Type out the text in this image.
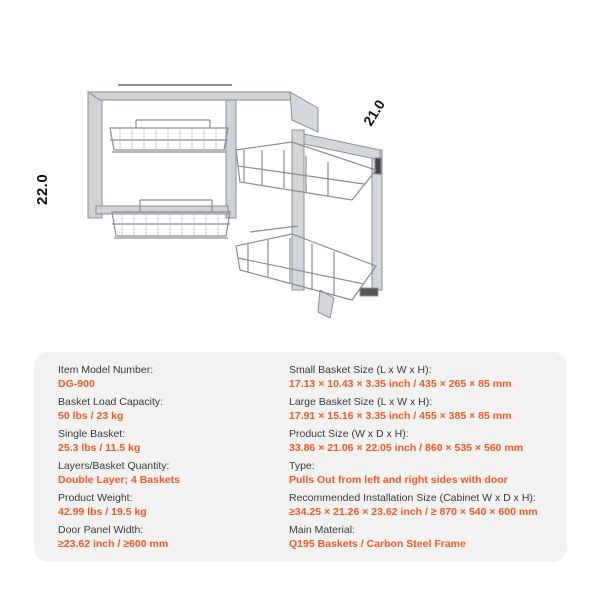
22.0
21.0
Item Model Number:
DG-900
Basket Load Capacity:
50 lbs / 23 kg
Single Basket:
25.3 lbs / 11.5 kg
Layers/Basket Quantity:
Double Layer; 4 Baskets
Product Weight:
42.99 lbs / 19.5 kg
Door Panel Width:
≥23.62 inch / ≥600 mm
Small Basket Size (L x W x H):
17.13 × 10.43 × 3.35 inch / 435 × 265 × 85 mm
Large Basket Size (L x W x H):
17.91 × 15.16 × 3.35 inch / 455 × 385 × 85 mm
Product Size (W x D x H):
33.86 × 21.06 × 22.05 inch / 860 × 535 × 560 mm
Type:
Pulls Out from left and right sides with door
Recommended Installation Size (Cabinet W x D x H):
≥34.25 × 21.26 × 23.62 inch / ≥ 870 × 540 × 600 mm
Main Material:
Q195 Baskets / Carbon Steel Frame
